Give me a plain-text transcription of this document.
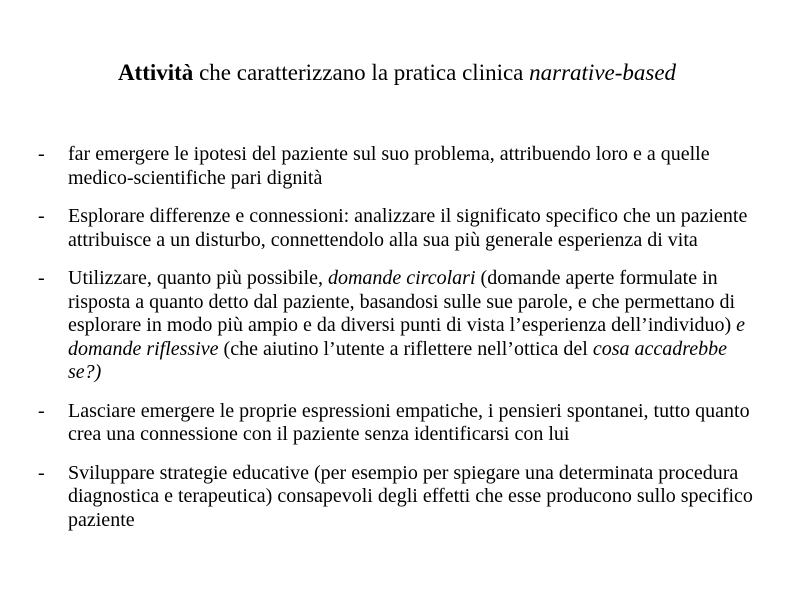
Attività che caratterizzano la pratica clinica narrative-based
- far emergere le ipotesi del paziente sul suo problema, attribuendo loro e a quelle medico-scientifiche pari dignità
- Esplorare differenze e connessioni: analizzare il significato specifico che un paziente attribuisce a un disturbo, connettendolo alla sua più generale esperienza di vita
- Utilizzare, quanto più possibile, domande circolari (domande aperte formulate in risposta a quanto detto dal paziente, basandosi sulle sue parole, e che permettano di esplorare in modo più ampio e da diversi punti di vista l’esperienza dell’individuo) e domande riflessive (che aiutino l’utente a riflettere nell’ottica del cosa accadrebbe se?)
- Lasciare emergere le proprie espressioni empatiche, i pensieri spontanei, tutto quanto crea una connessione con il paziente senza identificarsi con lui
- Sviluppare strategie educative (per esempio per spiegare una determinata procedura diagnostica e terapeutica) consapevoli degli effetti che esse producono sullo specifico paziente
